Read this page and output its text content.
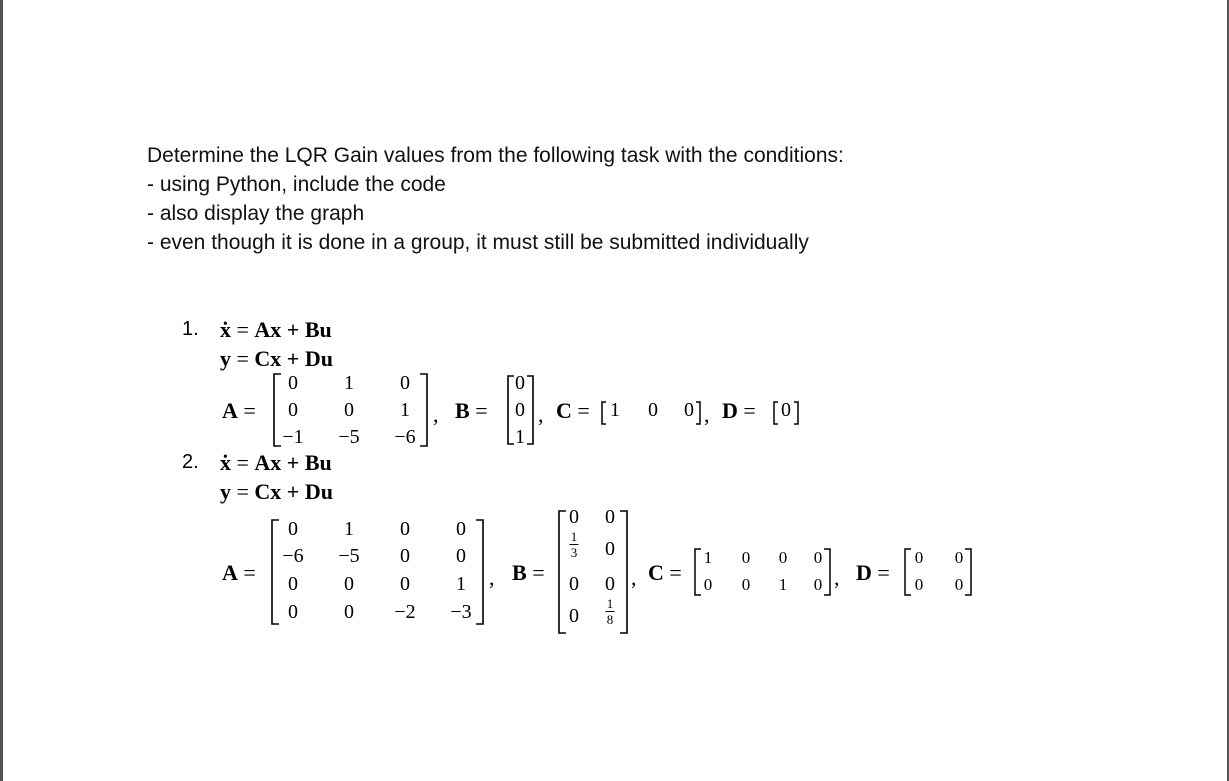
Determine the LQR Gain values from the following task with the conditions:
- using Python, include the code
- also display the graph
- even though it is done in a group, it must still be submitted individually
1. ẋ = Ax + Bu
y = Cx + Du
A =
0 1 0
0 0 1
−1 −5 −6
, B =
0
0
1
, C = 1 0 0 , D = 0
2. ẋ = Ax + Bu
y = Cx + Du
A =
0 1 0 0
−6 −5 0 0
0 0 0 1
0 0 −2 −3
, B =
0 0
1
3 0
0 0
0
1
8
, C =
1 0 0 0
0 0 1 0 , D =
0 0
0 0
